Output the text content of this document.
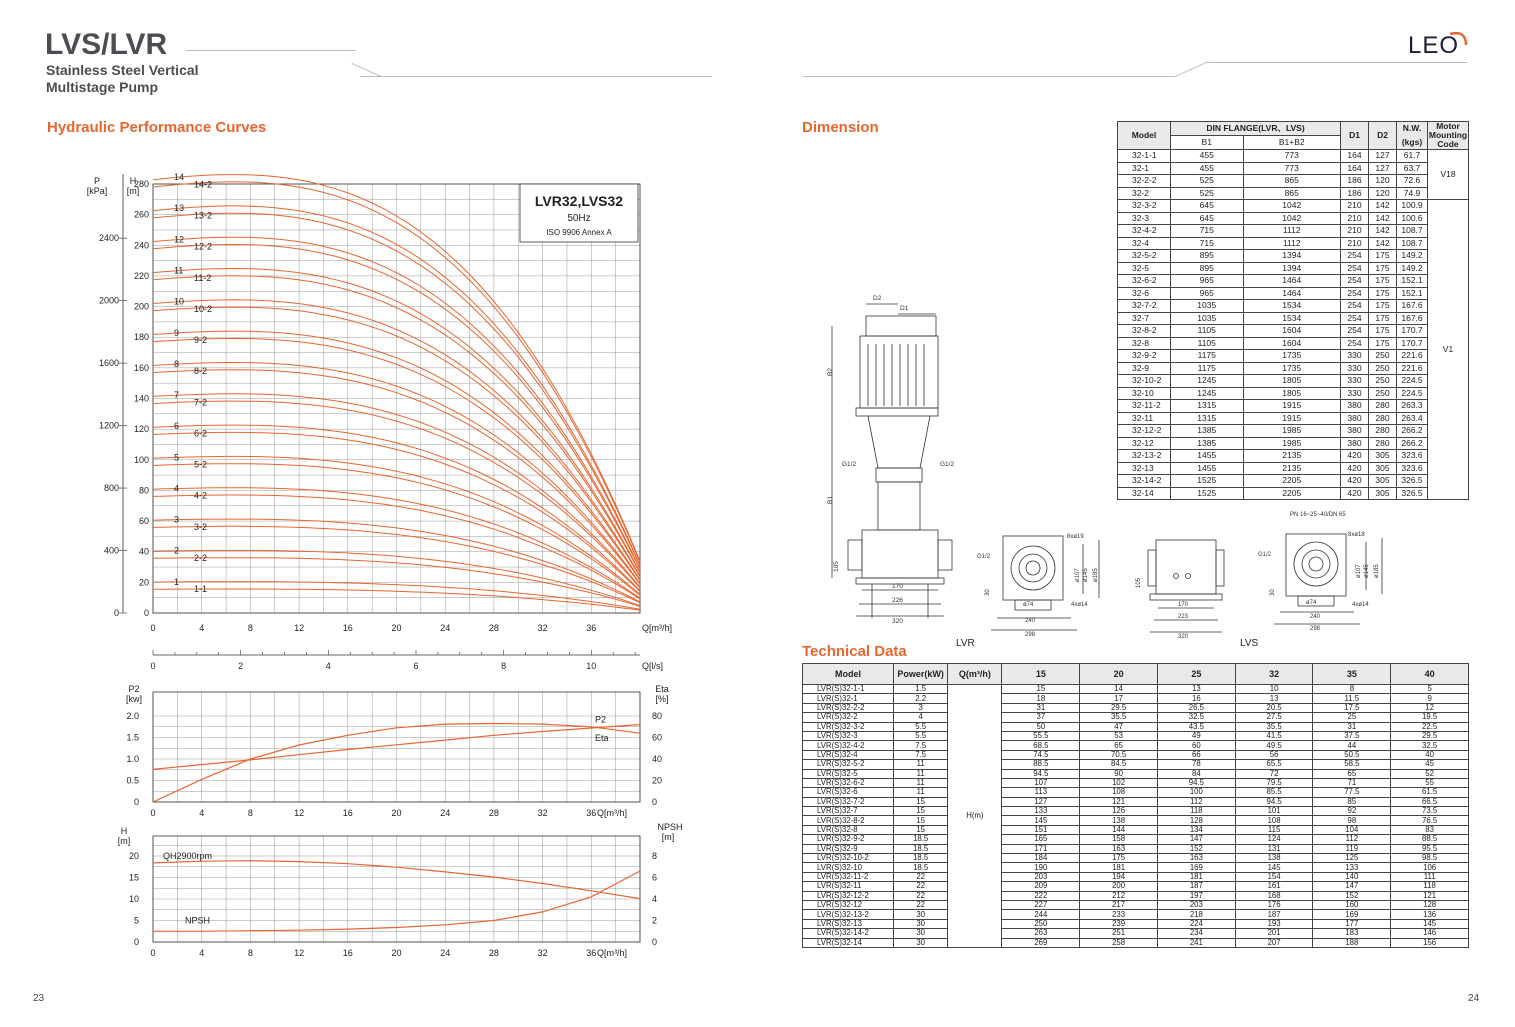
LVS/LVR
Stainless Steel Vertical
Multistage Pump
LEO
Hydraulic Performance Curves
0
20
40
60
80
100
120
140
160
180
200
220
240
260
280
0
400
800
1200
1600
2000
2400
H
[m]
P
[kPa]
0	4	8	12	16	20	24	28	32	36	Q[m³/h]
0	2	4	6	8	10	Q[l/s]
1
1-1
2
2-2
3
3-2
4
4-2
5
5-2
6
6-2
7
7-2
8
8-2
9
9-2
10
10-2
11
11-2
12
12-2
13
13-2
14
14-2
LVR32,LVS32
50Hz
ISO 9906 Annex A
0
0.5
1.0
1.5
2.0
0
20
40
60
80
P2
[kw]
Eta
[%]
0	4	8	12	16	20	24	28	32	36 Q[m³/h]
P2
Eta
0
5
10
15
20
0
2
4
6
8
H
[m]
NPSH
[m]
0	4	8	12	16	20	24	28	32	36 Q[m³/h]
QH2900rpm
NPSH
23
Dimension	Model	DIN FLANGE(LVR、LVS)		D1	D2	N.W.	Motor Mounting Code
	B1	B1+B2			(kgs)	
32-1-1	455	773	164	127	61.7	V18
32-1	455	773	164	127	63.7	
32-2-2	525	865	186	120	72.6	
32-2	525	865	186	120	74.9	
32-3-2	645	1042	210	142	100.9	V1
32-3	645	1042	210	142	100.6	
32-4-2	715	1112	210	142	108.7	
32-4	715	1112	210	142	108.7	
32-5-2	895	1394	254	175	149.2	
32-5	895	1394	254	175	149.2	
32-6-2	965	1464	254	175	152.1	
32-6	965	1464	254	175	152.1	
32-7-2	1035	1534	254	175	167.6	
32-7	1035	1534	254	175	167.6	
32-8-2	1105	1604	254	175	170.7	
32-8	1105	1604	254	175	170.7	
32-9-2	1175	1735	330	250	221.6	
32-9	1175	1735	330	250	221.6	
32-10-2	1245	1805	330	250	224.5	
32-10	1245	1805	330	250	224.5	
32-11-2	1315	1915	380	280	263.3	
32-11	1315	1915	380	280	263.4	
32-12-2	1385	1985	380	280	266.2	
32-12	1385	1985	380	280	266.2	
32-13-2	1455	2135	420	305	323.6	
32-13	1455	2135	420	305	323.6	
32-14-2	1525	2205	420	305	326.5	
32-14	1525	2205	420	305	326.5	
D2
D1
B2
B1
G1/2	G1/2
105
170
226
320
8xø19
G1/2
ø107 ø145 ø185
30
ø74	4xø14
240
298
105
170
223
320
PN 16~25~40/DN 65
8xø18
G1/2
ø107 ø145 ø185
30
ø74	4xø14
240
298
LVR	LVS
Technical Data
Model	Power(kW)	Q(m³/h)	15	20	25	32	35	40
LVR(S)32-1-1	1.5	H(m)	15	14	13	10	8	5
LVR(S)32-1	2.2		18	17	16	13	11.5	9
LVR(S)32-2-2	3		31	29.5	26.5	20.5	17.5	12
LVR(S)32-2	4		37	35.5	32.5	27.5	25	19.5
LVR(S)32-3-2	5.5		50	47	43.5	35.5	31	22.5
LVR(S)32-3	5.5		55.5	53	49	41.5	37.5	29.5
LVR(S)32-4-2	7.5		68.5	65	60	49.5	44	32.5
LVR(S)32-4	7.5		74.5	70.5	66	56	50.5	40
LVR(S)32-5-2	11		88.5	84.5	78	65.5	58.5	45
LVR(S)32-5	11		94.5	90	84	72	65	52
LVR(S)32-6-2	11		107	102	94.5	79.5	71	55
LVR(S)32-6	11		113	108	100	85.5	77.5	61.5
LVR(S)32-7-2	15		127	121	112	94.5	85	66.5
LVR(S)32-7	15		133	126	118	101	92	73.5
LVR(S)32-8-2	15		145	138	128	108	98	76.5
LVR(S)32-8	15		151	144	134	115	104	83
LVR(S)32-9-2	18.5		165	158	147	124	112	88.5
LVR(S)32-9	18.5		171	163	152	131	119	95.5
LVR(S)32-10-2	18.5		184	175	163	138	125	98.5
LVR(S)32-10	18.5		190	181	169	145	133	106
LVR(S)32-11-2	22		203	194	181	154	140	111
LVR(S)32-11	22		209	200	187	161	147	118
LVR(S)32-12-2	22		222	212	197	168	152	121
LVR(S)32-12	22		227	217	203	176	160	128
LVR(S)32-13-2	30		244	233	218	187	169	136
LVR(S)32-13	30		250	239	224	193	177	145
LVR(S)32-14-2	30		263	251	234	201	183	146
LVR(S)32-14	30		269	258	241	207	188	156
24
